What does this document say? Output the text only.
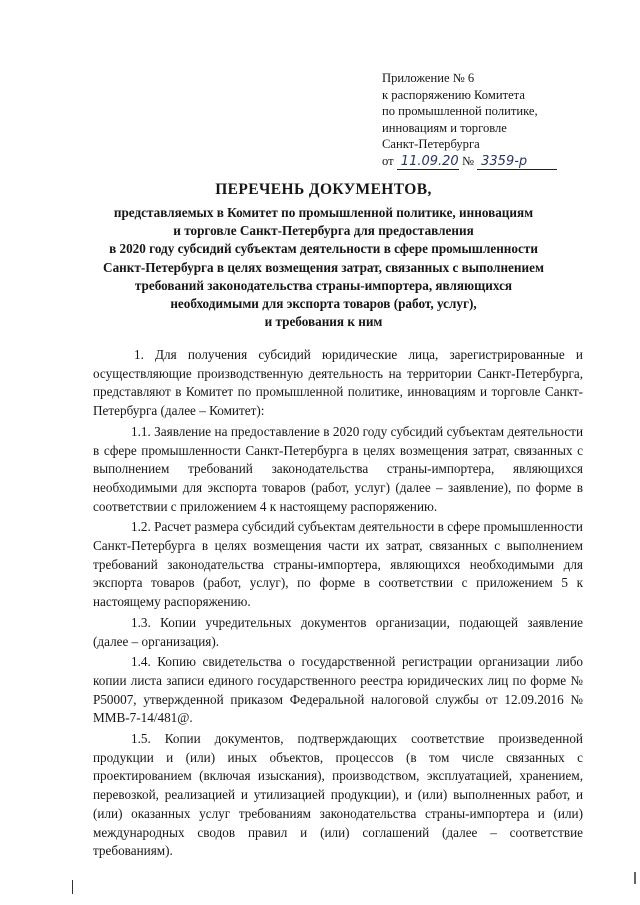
Приложение № 6
к распоряжению Комитета
по промышленной политике,
инновациям и торговле
Санкт-Петербурга
от 11.09.20 № 3359-р
ПЕРЕЧЕНЬ ДОКУМЕНТОВ,
представляемых в Комитет по промышленной политике, инновациям
и торговле Санкт-Петербурга для предоставления
в 2020 году субсидий субъектам деятельности в сфере промышленности
Санкт-Петербурга в целях возмещения затрат, связанных с выполнением
требований законодательства страны-импортера, являющихся
необходимыми для экспорта товаров (работ, услуг),
и требования к ним

1. Для получения субсидий юридические лица, зарегистрированные и осуществляющие производственную деятельность на территории Санкт-Петербурга, представляют в Комитет по промышленной политике, инновациям и торговле Санкт-Петербурга (далее – Комитет):

1.1. Заявление на предоставление в 2020 году субсидий субъектам деятельности в сфере промышленности Санкт-Петербурга в целях возмещения затрат, связанных с выполнением требований законодательства страны-импортера, являющихся необходимыми для экспорта товаров (работ, услуг) (далее – заявление), по форме в соответствии с приложением 4 к настоящему распоряжению.

1.2. Расчет размера субсидий субъектам деятельности в сфере промышленности Санкт-Петербурга в целях возмещения части их затрат, связанных с выполнением требований законодательства страны-импортера, являющихся необходимыми для экспорта товаров (работ, услуг), по форме в соответствии с приложением 5 к настоящему распоряжению.

1.3. Копии учредительных документов организации, подающей заявление (далее – организация).

1.4. Копию свидетельства о государственной регистрации организации либо копии листа записи единого государственного реестра юридических лиц по форме № Р50007, утвержденной приказом Федеральной налоговой службы от 12.09.2016 № ММВ-7-14/481@.

1.5. Копии документов, подтверждающих соответствие произведенной продукции и (или) иных объектов, процессов (в том числе связанных с проектированием (включая изыскания), производством, эксплуатацией, хранением, перевозкой, реализацией и утилизацией продукции), и (или) выполненных работ, и (или) оказанных услуг требованиям законодательства страны-импортера и (или) международных сводов правил и (или) соглашений (далее – соответствие требованиям).
